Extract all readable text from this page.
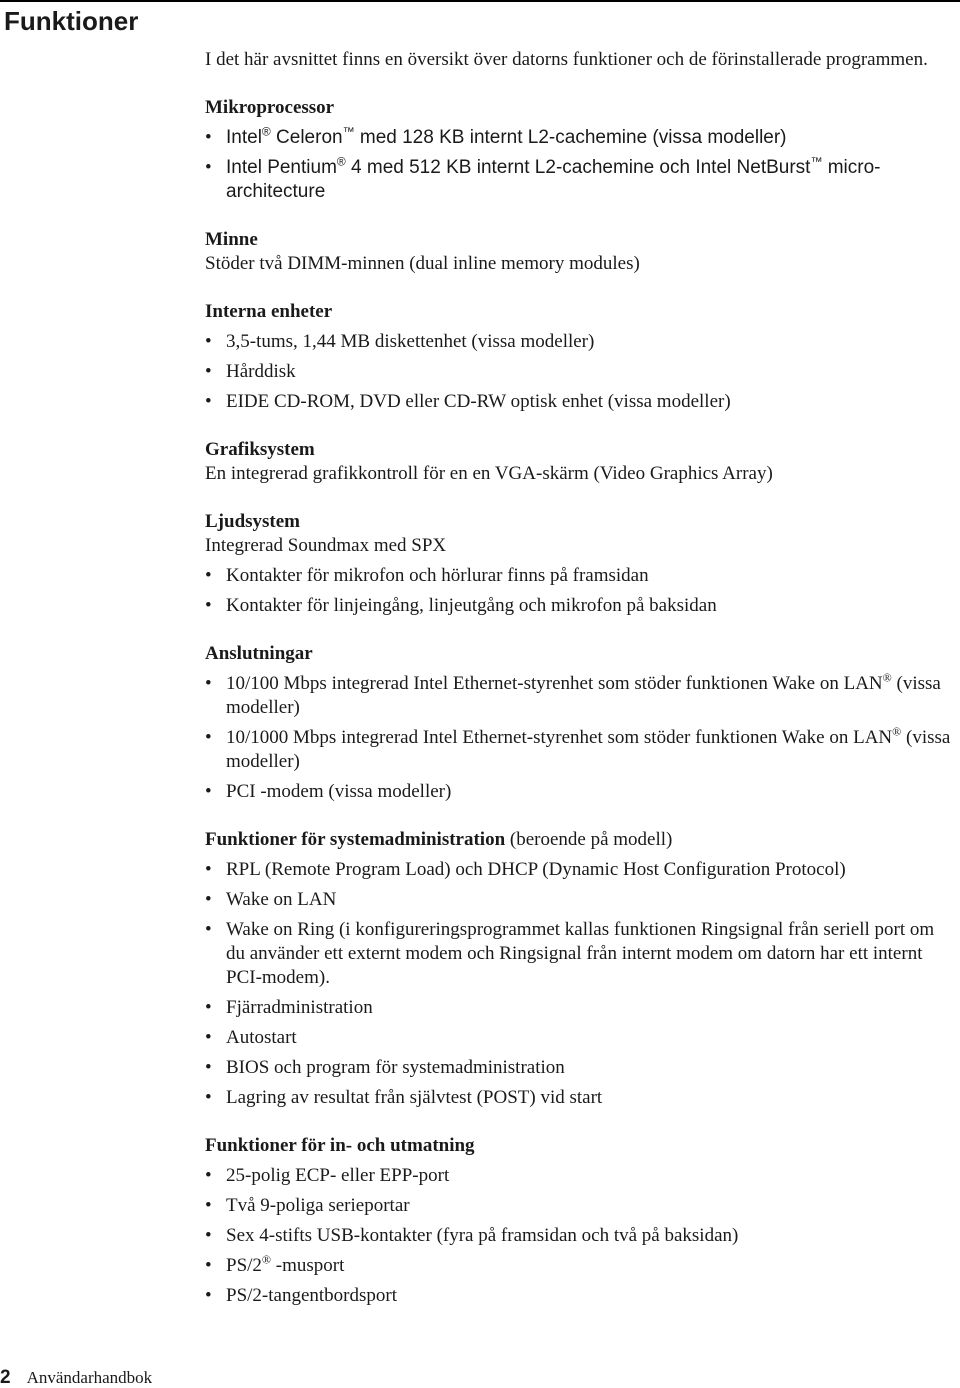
Funktioner

I det här avsnittet finns en översikt över datorns funktioner och de förinstallerade programmen.

Mikroprocessor
• Intel® Celeron™ med 128 KB internt L2-cachemine (vissa modeller)
• Intel Pentium® 4 med 512 KB internt L2-cachemine och Intel NetBurst™ micro-architecture
Minne

Stöder två DIMM-minnen (dual inline memory modules)

Interna enheter
• 3,5-tums, 1,44 MB diskettenhet (vissa modeller)
• Hårddisk
• EIDE CD-ROM, DVD eller CD-RW optisk enhet (vissa modeller)
Grafiksystem

En integrerad grafikkontroll för en en VGA-skärm (Video Graphics Array)

Ljudsystem

Integrerad Soundmax med SPX

• Kontakter för mikrofon och hörlurar finns på framsidan
• Kontakter för linjeingång, linjeutgång och mikrofon på baksidan
Anslutningar
• 10/100 Mbps integrerad Intel Ethernet-styrenhet som stöder funktionen Wake on LAN® (vissa modeller)
• 10/1000 Mbps integrerad Intel Ethernet-styrenhet som stöder funktionen Wake on LAN® (vissa modeller)
• PCI -modem (vissa modeller)
Funktioner för systemadministration (beroende på modell)
• RPL (Remote Program Load) och DHCP (Dynamic Host Configuration Protocol)
• Wake on LAN
• Wake on Ring (i konfigureringsprogrammet kallas funktionen Ringsignal från seriell port om du använder ett externt modem och Ringsignal från internt modem om datorn har ett internt PCI-modem).
• Fjärradministration
• Autostart
• BIOS och program för systemadministration
• Lagring av resultat från självtest (POST) vid start
Funktioner för in- och utmatning
• 25-polig ECP- eller EPP-port
• Två 9-poliga serieportar
• Sex 4-stifts USB-kontakter (fyra på framsidan och två på baksidan)
• PS/2® -musport
• PS/2-tangentbordsport
2 Användarhandbok
